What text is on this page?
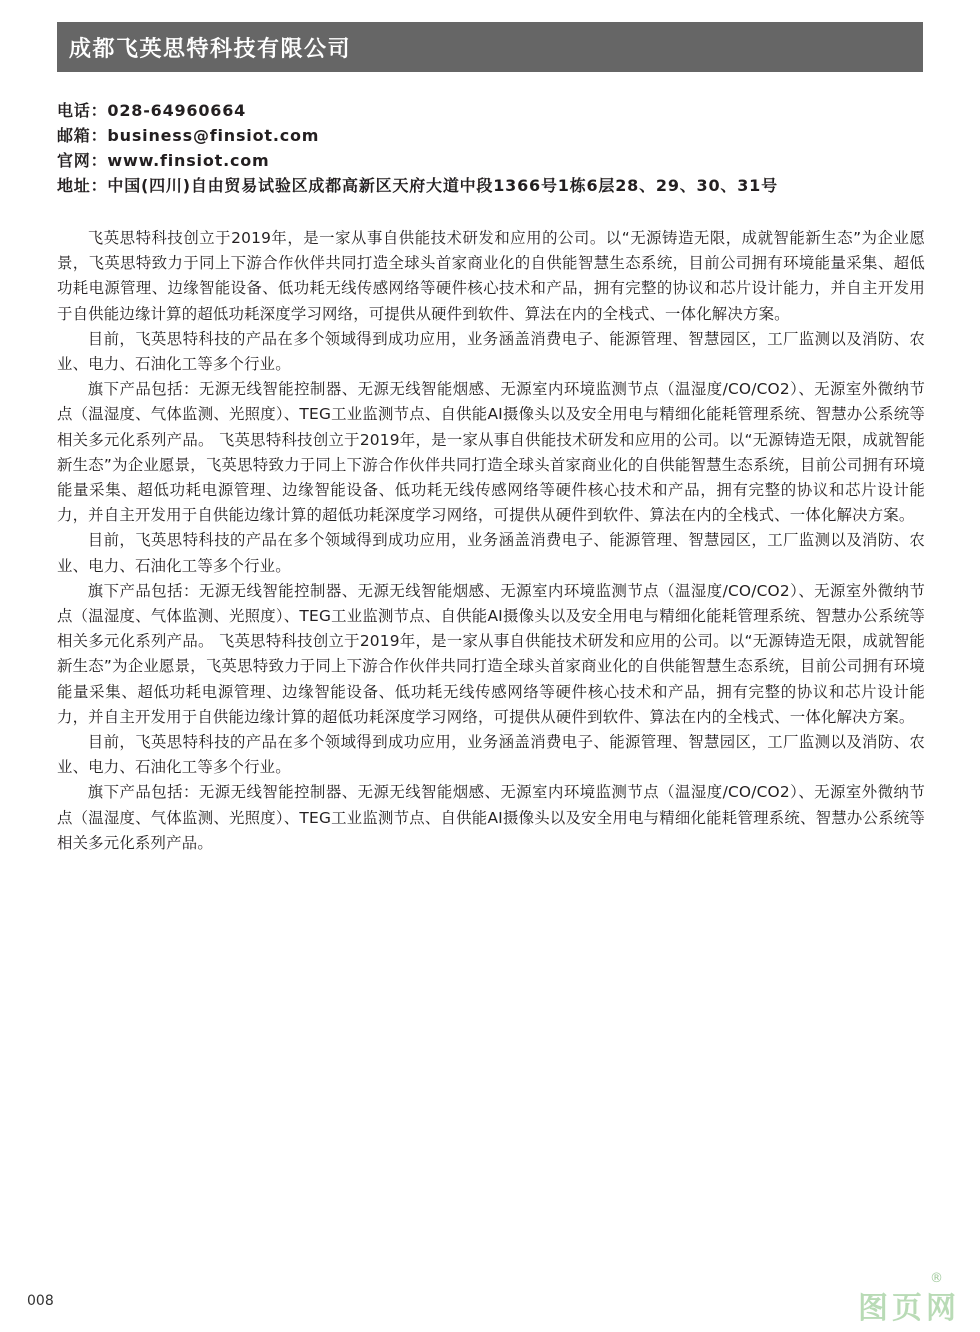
成都飞英思特科技有限公司
电话：028-64960664
邮箱：business@finsiot.com
官网：www.finsiot.com
地址：中国(四川)自由贸易试验区成都高新区天府大道中段1366号1栋6层28、29、30、31号

飞英思特科技创立于2019年，是一家从事自供能技术研发和应用的公司。以“无源铸造无限，成就智能新生态”为企业愿景，飞英思特致力于同上下游合作伙伴共同打造全球头首家商业化的自供能智慧生态系统，目前公司拥有环境能量采集、超低功耗电源管理、边缘智能设备、低功耗无线传感网络等硬件核心技术和产品，拥有完整的协议和芯片设计能力，并自主开发用于自供能边缘计算的超低功耗深度学习网络，可提供从硬件到软件、算法在内的全栈式、一体化解决方案。

目前，飞英思特科技的产品在多个领域得到成功应用，业务涵盖消费电子、能源管理、智慧园区，工厂监测以及消防、农业、电力、石油化工等多个行业。

旗下产品包括：无源无线智能控制器、无源无线智能烟感、无源室内环境监测节点（温湿度/CO/CO2）、无源室外微纳节点（温湿度、气体监测、光照度）、TEG工业监测节点、自供能AI摄像头以及安全用电与精细化能耗管理系统、智慧办公系统等相关多元化系列产品。 飞英思特科技创立于2019年，是一家从事自供能技术研发和应用的公司。以“无源铸造无限，成就智能新生态”为企业愿景，飞英思特致力于同上下游合作伙伴共同打造全球头首家商业化的自供能智慧生态系统，目前公司拥有环境能量采集、超低功耗电源管理、边缘智能设备、低功耗无线传感网络等硬件核心技术和产品，拥有完整的协议和芯片设计能力，并自主开发用于自供能边缘计算的超低功耗深度学习网络，可提供从硬件到软件、算法在内的全栈式、一体化解决方案。

目前，飞英思特科技的产品在多个领域得到成功应用，业务涵盖消费电子、能源管理、智慧园区，工厂监测以及消防、农业、电力、石油化工等多个行业。

旗下产品包括：无源无线智能控制器、无源无线智能烟感、无源室内环境监测节点（温湿度/CO/CO2）、无源室外微纳节点（温湿度、气体监测、光照度）、TEG工业监测节点、自供能AI摄像头以及安全用电与精细化能耗管理系统、智慧办公系统等相关多元化系列产品。 飞英思特科技创立于2019年，是一家从事自供能技术研发和应用的公司。以“无源铸造无限，成就智能新生态”为企业愿景，飞英思特致力于同上下游合作伙伴共同打造全球头首家商业化的自供能智慧生态系统，目前公司拥有环境能量采集、超低功耗电源管理、边缘智能设备、低功耗无线传感网络等硬件核心技术和产品，拥有完整的协议和芯片设计能力，并自主开发用于自供能边缘计算的超低功耗深度学习网络，可提供从硬件到软件、算法在内的全栈式、一体化解决方案。

目前，飞英思特科技的产品在多个领域得到成功应用，业务涵盖消费电子、能源管理、智慧园区，工厂监测以及消防、农业、电力、石油化工等多个行业。

旗下产品包括：无源无线智能控制器、无源无线智能烟感、无源室内环境监测节点（温湿度/CO/CO2）、无源室外微纳节点（温湿度、气体监测、光照度）、TEG工业监测节点、自供能AI摄像头以及安全用电与精细化能耗管理系统、智慧办公系统等相关多元化系列产品。

008	图页网
®
